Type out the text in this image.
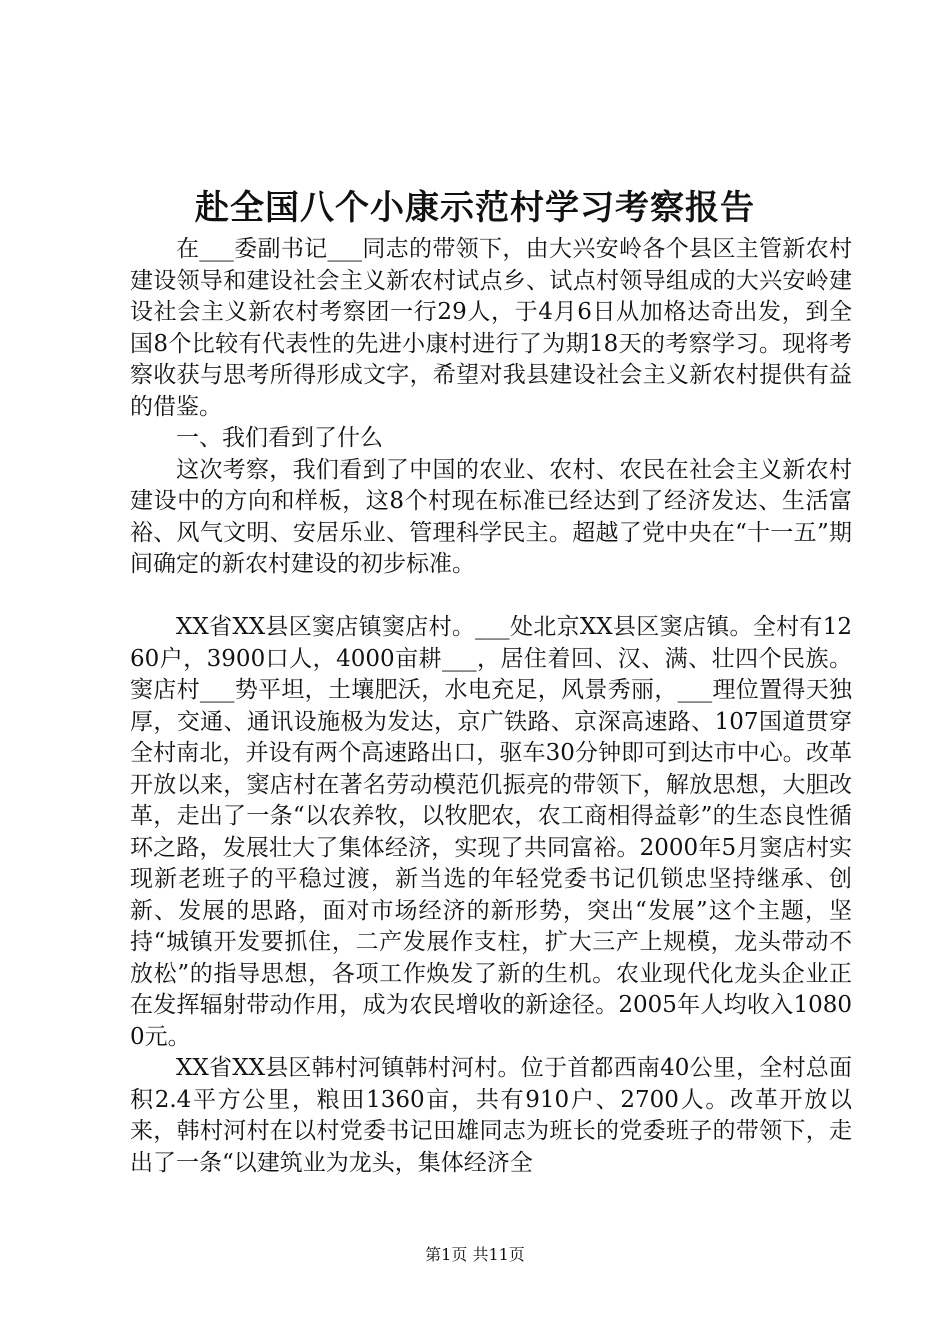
赴全国八个小康示范村学习考察报告

在___委副书记___同志的带领下，由大兴安岭各个县区主管新农村建设领导和建设社会主义新农村试点乡、试点村领导组成的大兴安岭建设社会主义新农村考察团一行29人，于4月6日从加格达奇出发，到全国8个比较有代表性的先进小康村进行了为期18天的考察学习。现将考察收获与思考所得形成文字，希望对我县建设社会主义新农村提供有益的借鉴。

一、我们看到了什么

这次考察，我们看到了中国的农业、农村、农民在社会主义新农村建设中的方向和样板，这8个村现在标准已经达到了经济发达、生活富裕、风气文明、安居乐业、管理科学民主。超越了党中央在“十一五”期间确定的新农村建设的初步标准。

XX省XX县区窦店镇窦店村。___处北京XX县区窦店镇。全村有1260户，3900口人，4000亩耕___，居住着回、汉、满、壮四个民族。窦店村___势平坦，土壤肥沃，水电充足，风景秀丽，___理位置得天独厚，交通、通讯设施极为发达，京广铁路、京深高速路、107国道贯穿全村南北，并设有两个高速路出口，驱车30分钟即可到达市中心。改革开放以来，窦店村在著名劳动模范仉振亮的带领下，解放思想，大胆改革，走出了一条“以农养牧，以牧肥农，农工商相得益彰”的生态良性循环之路，发展壮大了集体经济，实现了共同富裕。2000年5月窦店村实现新老班子的平稳过渡，新当选的年轻党委书记仉锁忠坚持继承、创新、发展的思路，面对市场经济的新形势，突出“发展”这个主题，坚持“城镇开发要抓住，二产发展作支柱，扩大三产上规模，龙头带动不放松”的指导思想，各项工作焕发了新的生机。农业现代化龙头企业正在发挥辐射带动作用，成为农民增收的新途径。2005年人均收入10800元。

XX省XX县区韩村河镇韩村河村。位于首都西南40公里，全村总面积2.4平方公里，粮田1360亩，共有910户、2700人。改革开放以来，韩村河村在以村党委书记田雄同志为班长的党委班子的带领下，走出了一条“以建筑业为龙头，集体经济全

第1页 共11页
